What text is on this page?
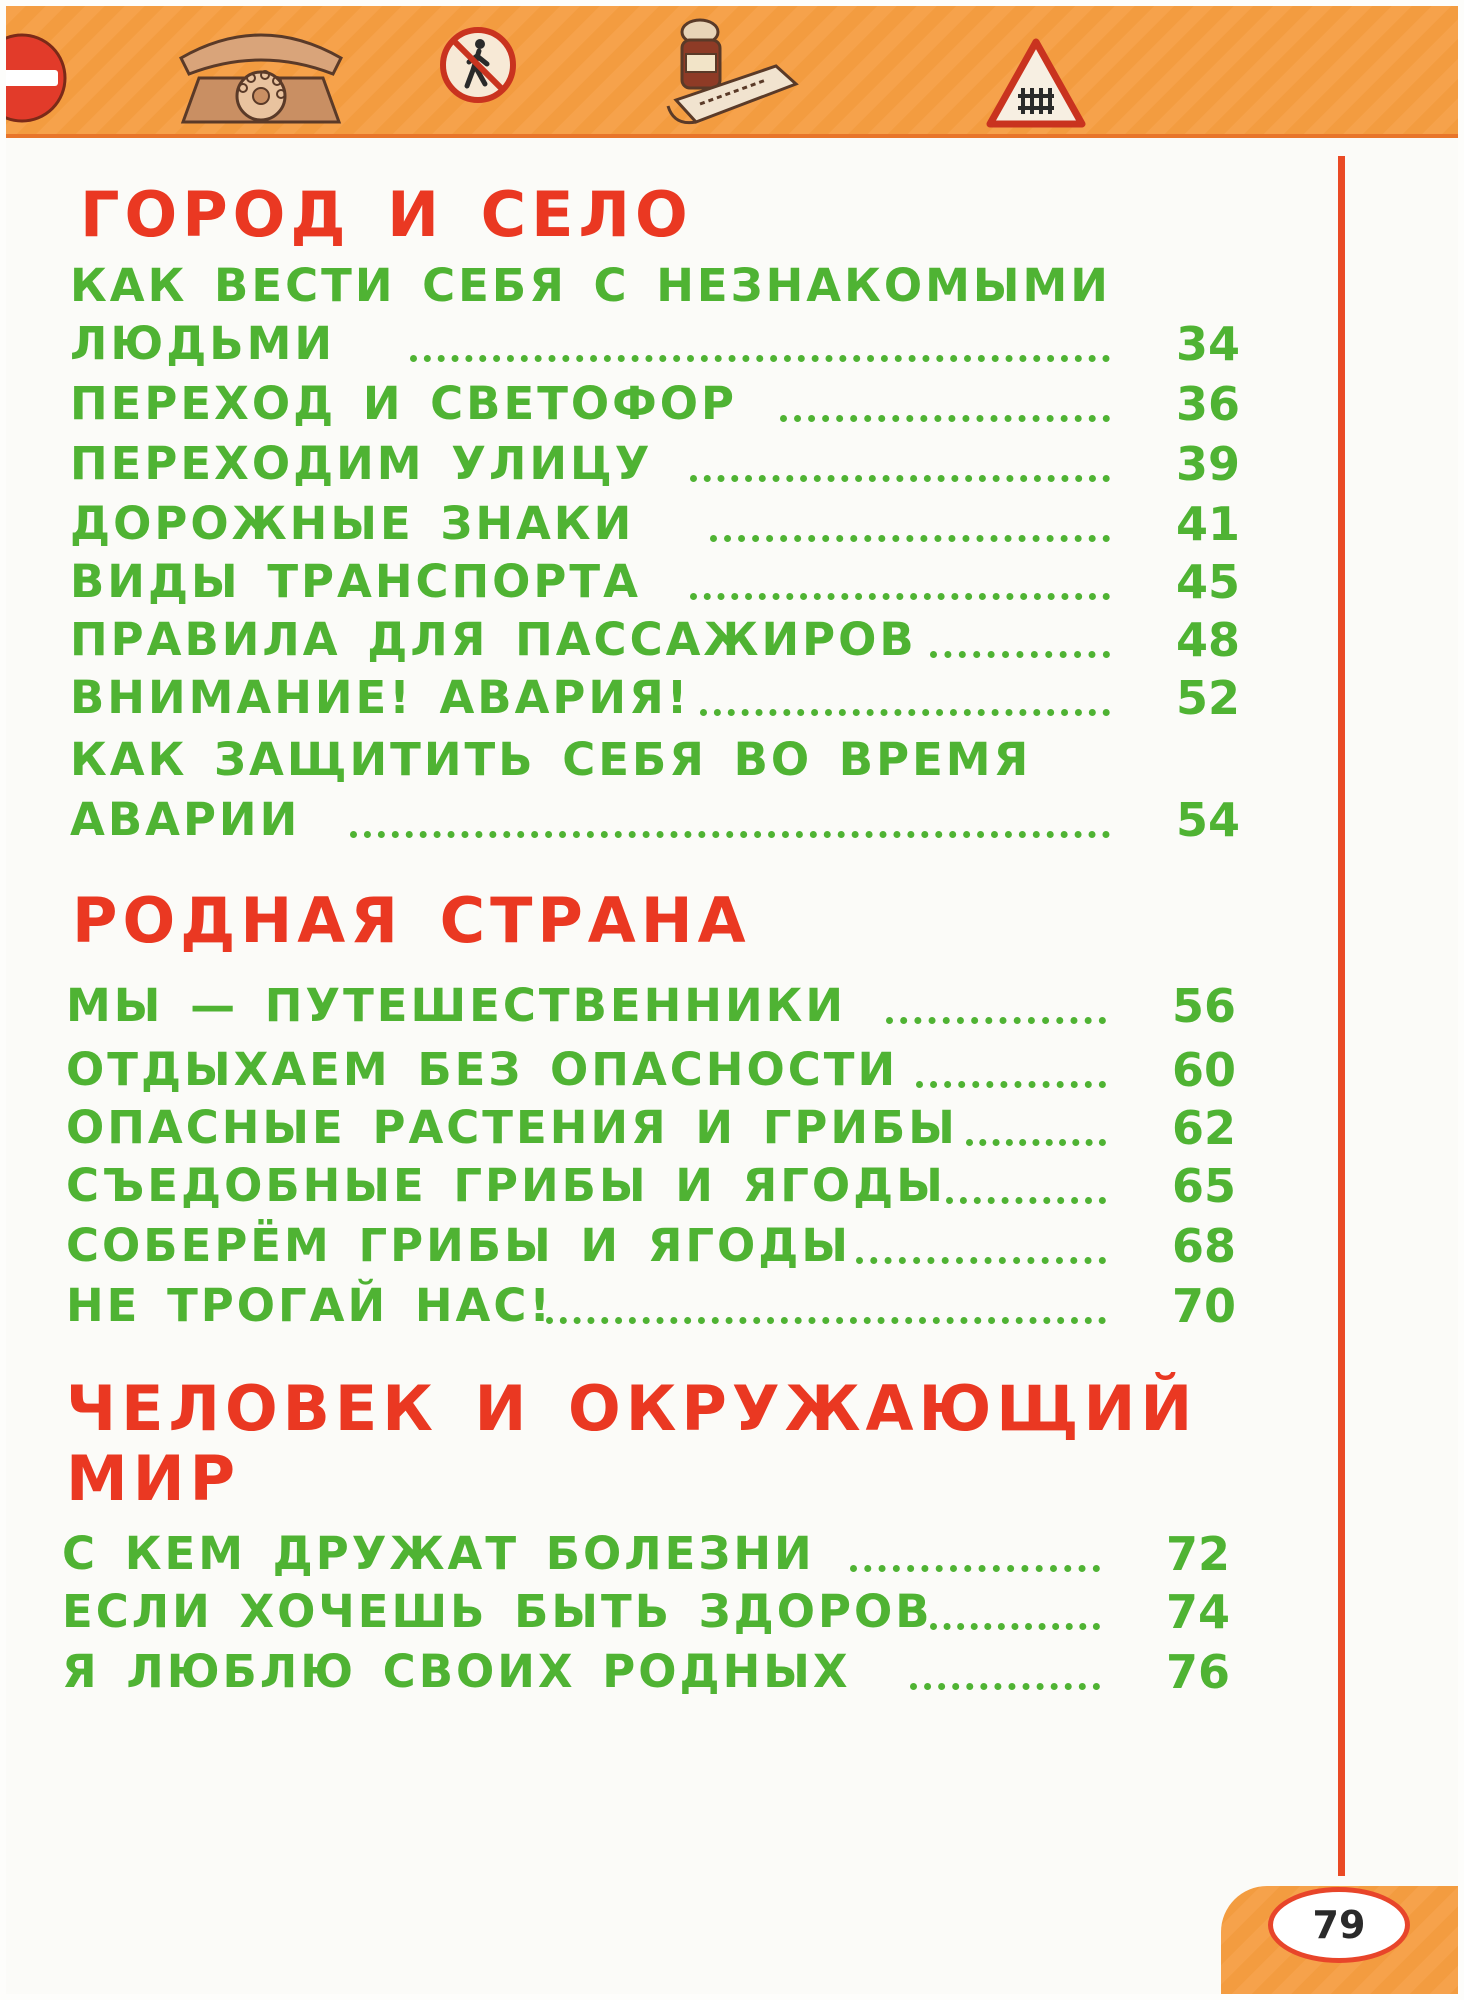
ГОРОД И СЕЛО
КАК ВЕСТИ СЕБЯ С НЕЗНАКОМЫМИ
ЛЮДЬМИ	34
ПЕРЕХОД И СВЕТОФОР	36
ПЕРЕХОДИМ УЛИЦУ	39
ДОРОЖНЫЕ ЗНАКИ	41
ВИДЫ ТРАНСПОРТА	45
ПРАВИЛА ДЛЯ ПАССАЖИРОВ	48
ВНИМАНИЕ! АВАРИЯ!	52
КАК ЗАЩИТИТЬ СЕБЯ ВО ВРЕМЯ
АВАРИИ	54
РОДНАЯ СТРАНА
МЫ — ПУТЕШЕСТВЕННИКИ	56
ОТДЫХАЕМ БЕЗ ОПАСНОСТИ	60
ОПАСНЫЕ РАСТЕНИЯ И ГРИБЫ	62
СЪЕДОБНЫЕ ГРИБЫ И ЯГОДЫ	65
СОБЕРЁМ ГРИБЫ И ЯГОДЫ	68
НЕ ТРОГАЙ НАС!	70
ЧЕЛОВЕК И ОКРУЖАЮЩИЙ
МИР
С КЕМ ДРУЖАТ БОЛЕЗНИ	72
ЕСЛИ ХОЧЕШЬ БЫТЬ ЗДОРОВ	74
Я ЛЮБЛЮ СВОИХ РОДНЫХ	76
79
